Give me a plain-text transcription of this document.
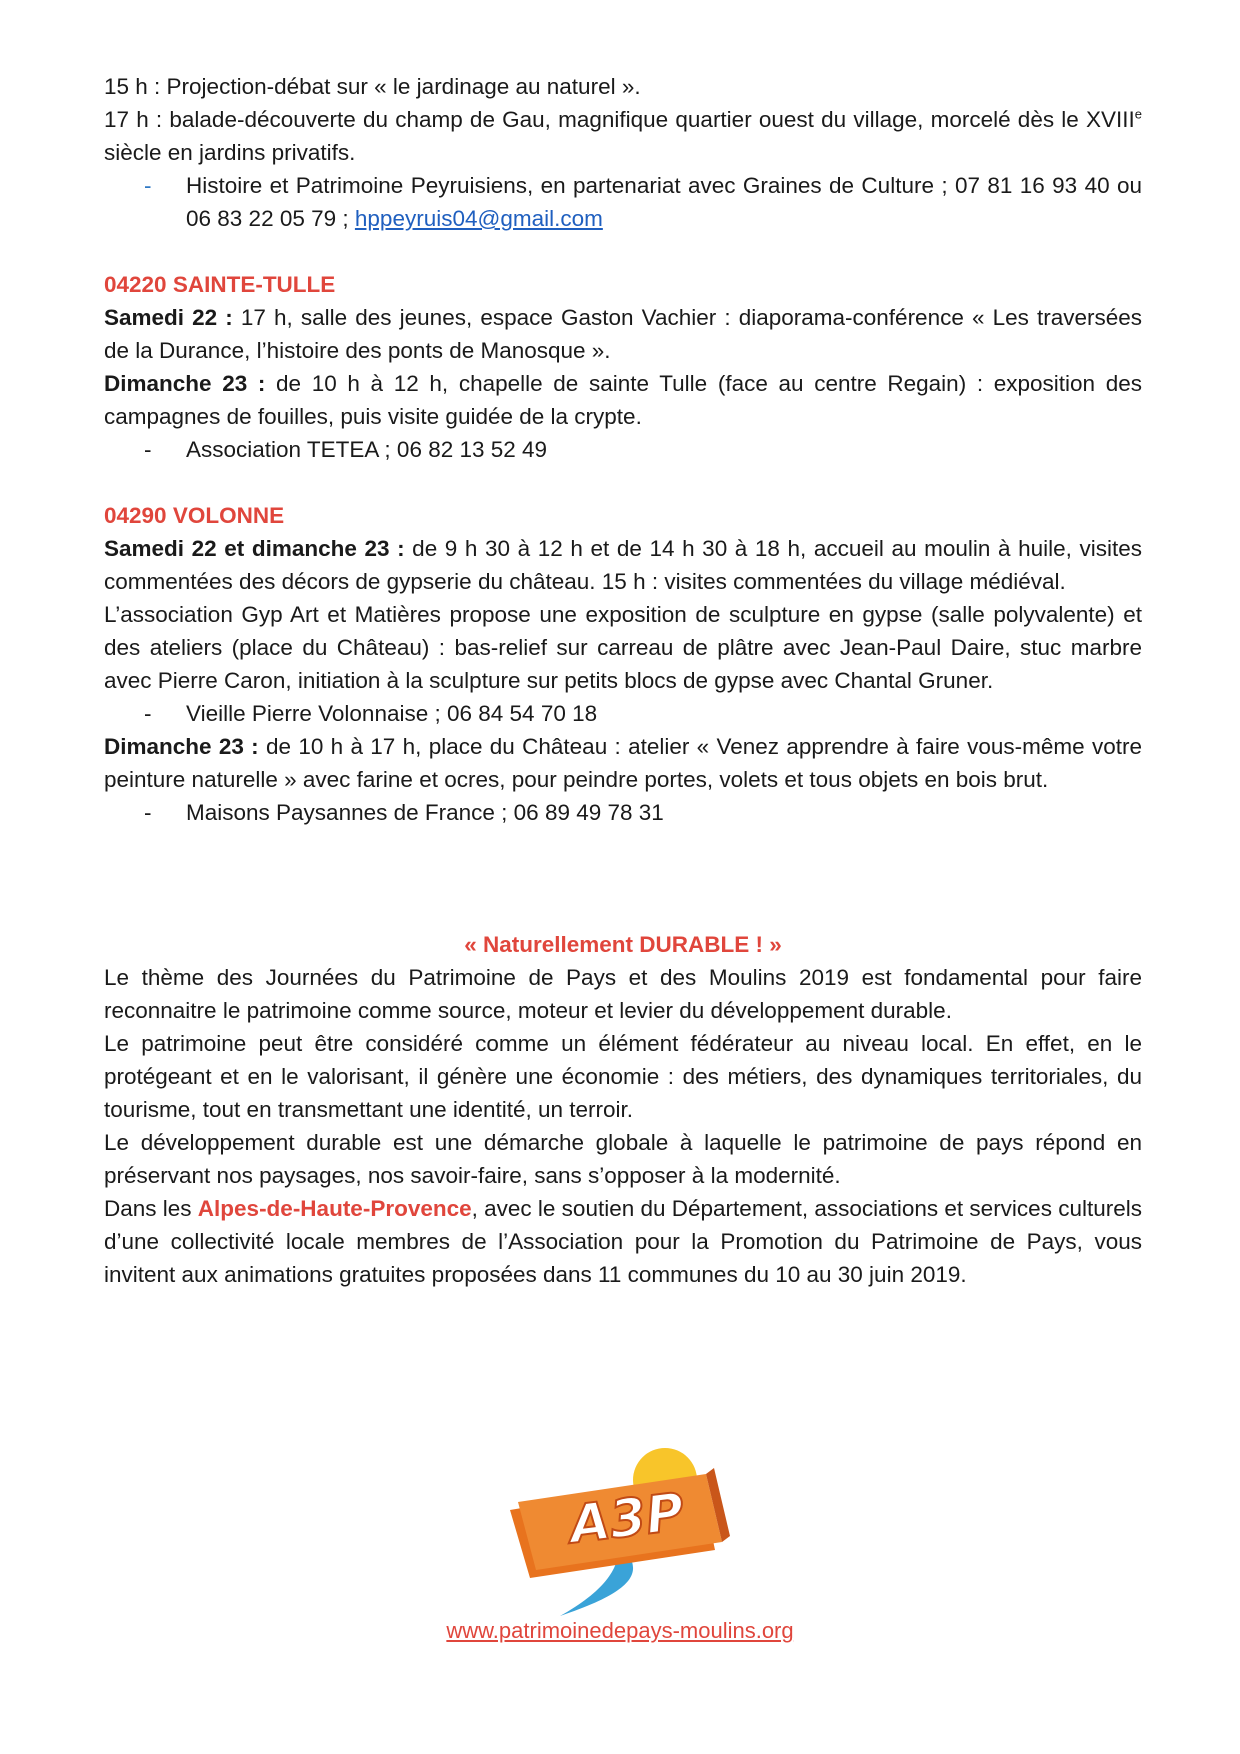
15 h : Projection-débat sur « le jardinage au naturel ».

17 h : balade-découverte du champ de Gau, magnifique quartier ouest du village, morcelé dès le XVIIIe siècle en jardins privatifs.

-	Histoire et Patrimoine Peyruisiens, en partenariat avec Graines de Culture ; 07 81 16 93 40 ou 06 83 22 05 79 ; hppeyruis04@gmail.com

04220 SAINTE-TULLE

Samedi 22 : 17 h, salle des jeunes, espace Gaston Vachier : diaporama-conférence « Les traversées de la Durance, l’histoire des ponts de Manosque ».

Dimanche 23 : de 10 h à 12 h, chapelle de sainte Tulle (face au centre Regain) : exposition des campagnes de fouilles, puis visite guidée de la crypte.

-	Association TETEA ; 06 82 13 52 49

04290 VOLONNE

Samedi 22 et dimanche 23 : de 9 h 30 à 12 h et de 14 h 30 à 18 h, accueil au moulin à huile, visites commentées des décors de gypserie du château. 15 h : visites commentées du village médiéval.

L’association Gyp Art et Matières propose une exposition de sculpture en gypse (salle polyvalente) et des ateliers (place du Château) : bas-relief sur carreau de plâtre avec Jean-Paul Daire, stuc marbre avec Pierre Caron, initiation à la sculpture sur petits blocs de gypse avec Chantal Gruner.

-	Vieille Pierre Volonnaise ; 06 84 54 70 18

Dimanche 23 : de 10 h à 17 h, place du Château : atelier « Venez apprendre à faire vous-même votre peinture naturelle » avec farine et ocres, pour peindre portes, volets et tous objets en bois brut.

-	Maisons Paysannes de France ; 06 89 49 78 31

« Naturellement DURABLE ! »

Le thème des Journées du Patrimoine de Pays et des Moulins 2019 est fondamental pour faire reconnaitre le patrimoine comme source, moteur et levier du développement durable.

Le patrimoine peut être considéré comme un élément fédérateur au niveau local. En effet, en le protégeant et en le valorisant, il génère une économie : des métiers, des dynamiques territoriales, du tourisme, tout en transmettant une identité, un terroir.

Le développement durable est une démarche globale à laquelle le patrimoine de pays répond en préservant nos paysages, nos savoir-faire, sans s’opposer à la modernité.

Dans les Alpes-de-Haute-Provence, avec le soutien du Département, associations et services culturels d’une collectivité locale membres de l’Association pour la Promotion du Patrimoine de Pays, vous invitent aux animations gratuites proposées dans 11 communes du 10 au 30 juin 2019.

A3P
www.patrimoinedepays-moulins.org
